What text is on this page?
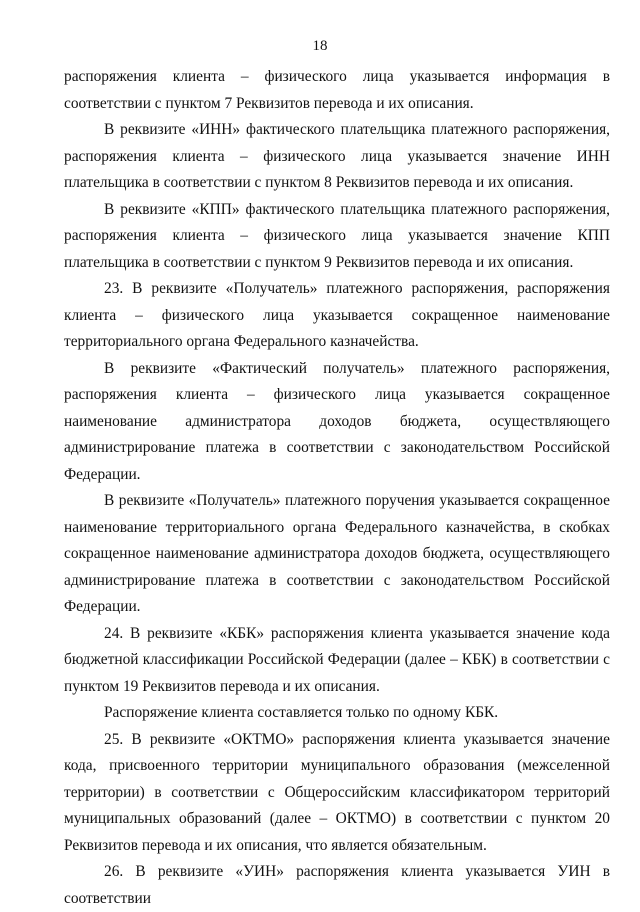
18

распоряжения клиента – физического лица указывается информация в соответствии с пунктом 7 Реквизитов перевода и их описания.

В реквизите «ИНН» фактического плательщика платежного распоряжения, распоряжения клиента – физического лица указывается значение ИНН плательщика в соответствии с пунктом 8 Реквизитов перевода и их описания.

В реквизите «КПП» фактического плательщика платежного распоряжения, распоряжения клиента – физического лица указывается значение КПП плательщика в соответствии с пунктом 9 Реквизитов перевода и их описания.

23. В реквизите «Получатель» платежного распоряжения, распоряжения клиента – физического лица указывается сокращенное наименование территориального органа Федерального казначейства.

В реквизите «Фактический получатель» платежного распоряжения, распоряжения клиента – физического лица указывается сокращенное наименование администратора доходов бюджета, осуществляющего администрирование платежа в соответствии с законодательством Российской Федерации.

В реквизите «Получатель» платежного поручения указывается сокращенное наименование территориального органа Федерального казначейства, в скобках сокращенное наименование администратора доходов бюджета, осуществляющего администрирование платежа в соответствии с законодательством Российской Федерации.

24. В реквизите «КБК» распоряжения клиента указывается значение кода бюджетной классификации Российской Федерации (далее – КБК) в соответствии с пунктом 19 Реквизитов перевода и их описания.

Распоряжение клиента составляется только по одному КБК.

25. В реквизите «ОКТМО» распоряжения клиента указывается значение кода, присвоенного территории муниципального образования (межселенной территории) в соответствии с Общероссийским классификатором территорий муниципальных образований (далее – ОКТМО) в соответствии с пунктом 20 Реквизитов перевода и их описания, что является обязательным.

26. В реквизите «УИН» распоряжения клиента указывается УИН в соответствии
